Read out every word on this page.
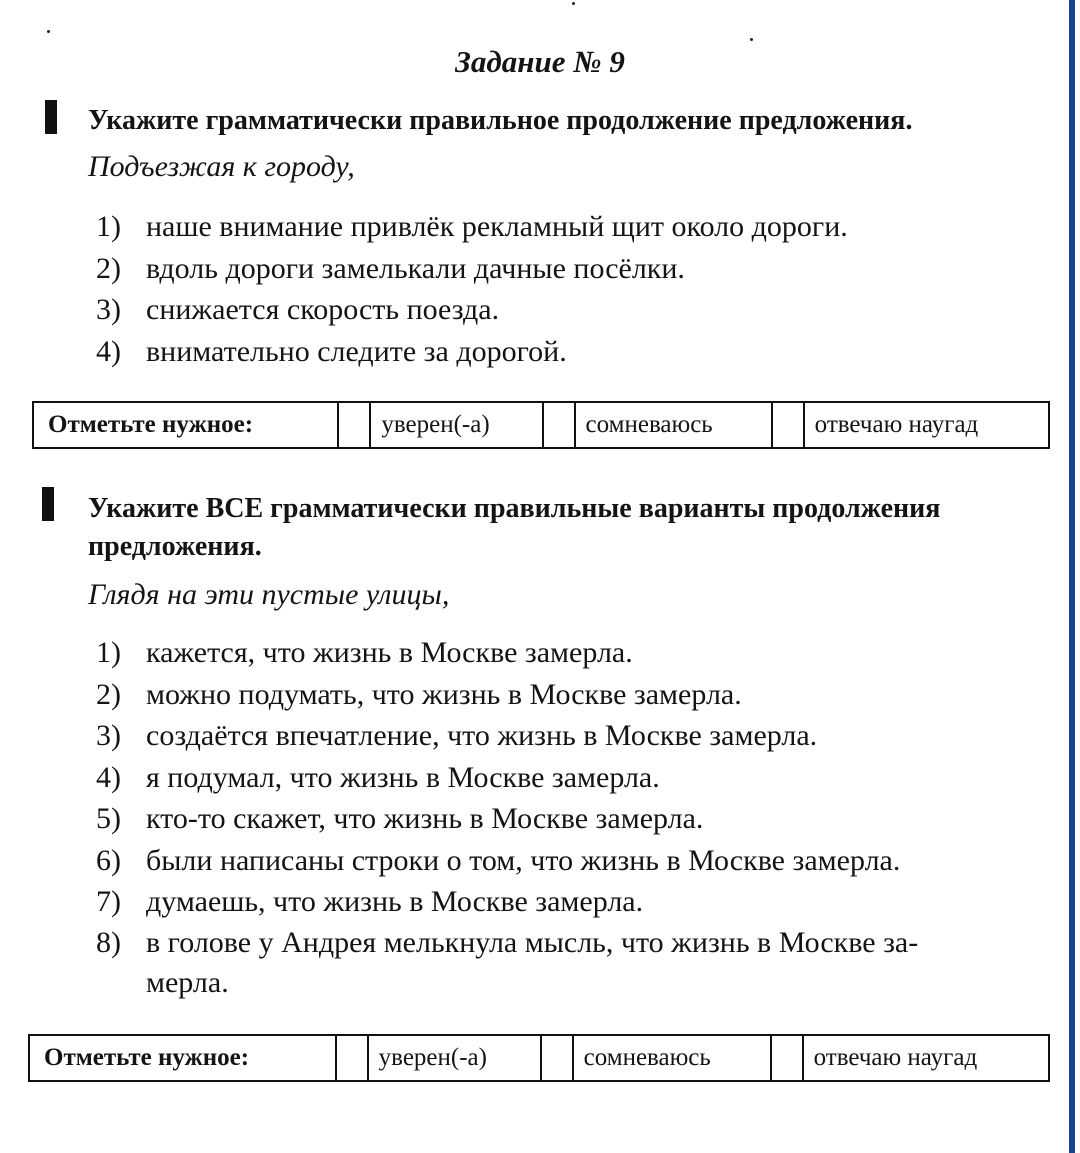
Задание № 9
Укажите грамматически правильное продолжение предложения.
Подъезжая к городу,
1) наше внимание привлёк рекламный щит около дороги.
2) вдоль дороги замелькали дачные посёлки.
3) снижается скорость поезда.
4) внимательно следите за дорогой.
Отметьте нужное:		уверен(-а)		сомневаюсь		отвечаю наугад
Укажите ВСЕ грамматически правильные варианты продолжения
предложения.
Глядя на эти пустые улицы,
1) кажется, что жизнь в Москве замерла.
2) можно подумать, что жизнь в Москве замерла.
3) создаётся впечатление, что жизнь в Москве замерла.
4) я подумал, что жизнь в Москве замерла.
5) кто-то скажет, что жизнь в Москве замерла.
6) были написаны строки о том, что жизнь в Москве замерла.
7) думаешь, что жизнь в Москве замерла.
8) в голове у Андрея мелькнула мысль, что жизнь в Москве за-
мерла.
Отметьте нужное:		уверен(-а)		сомневаюсь		отвечаю наугад
